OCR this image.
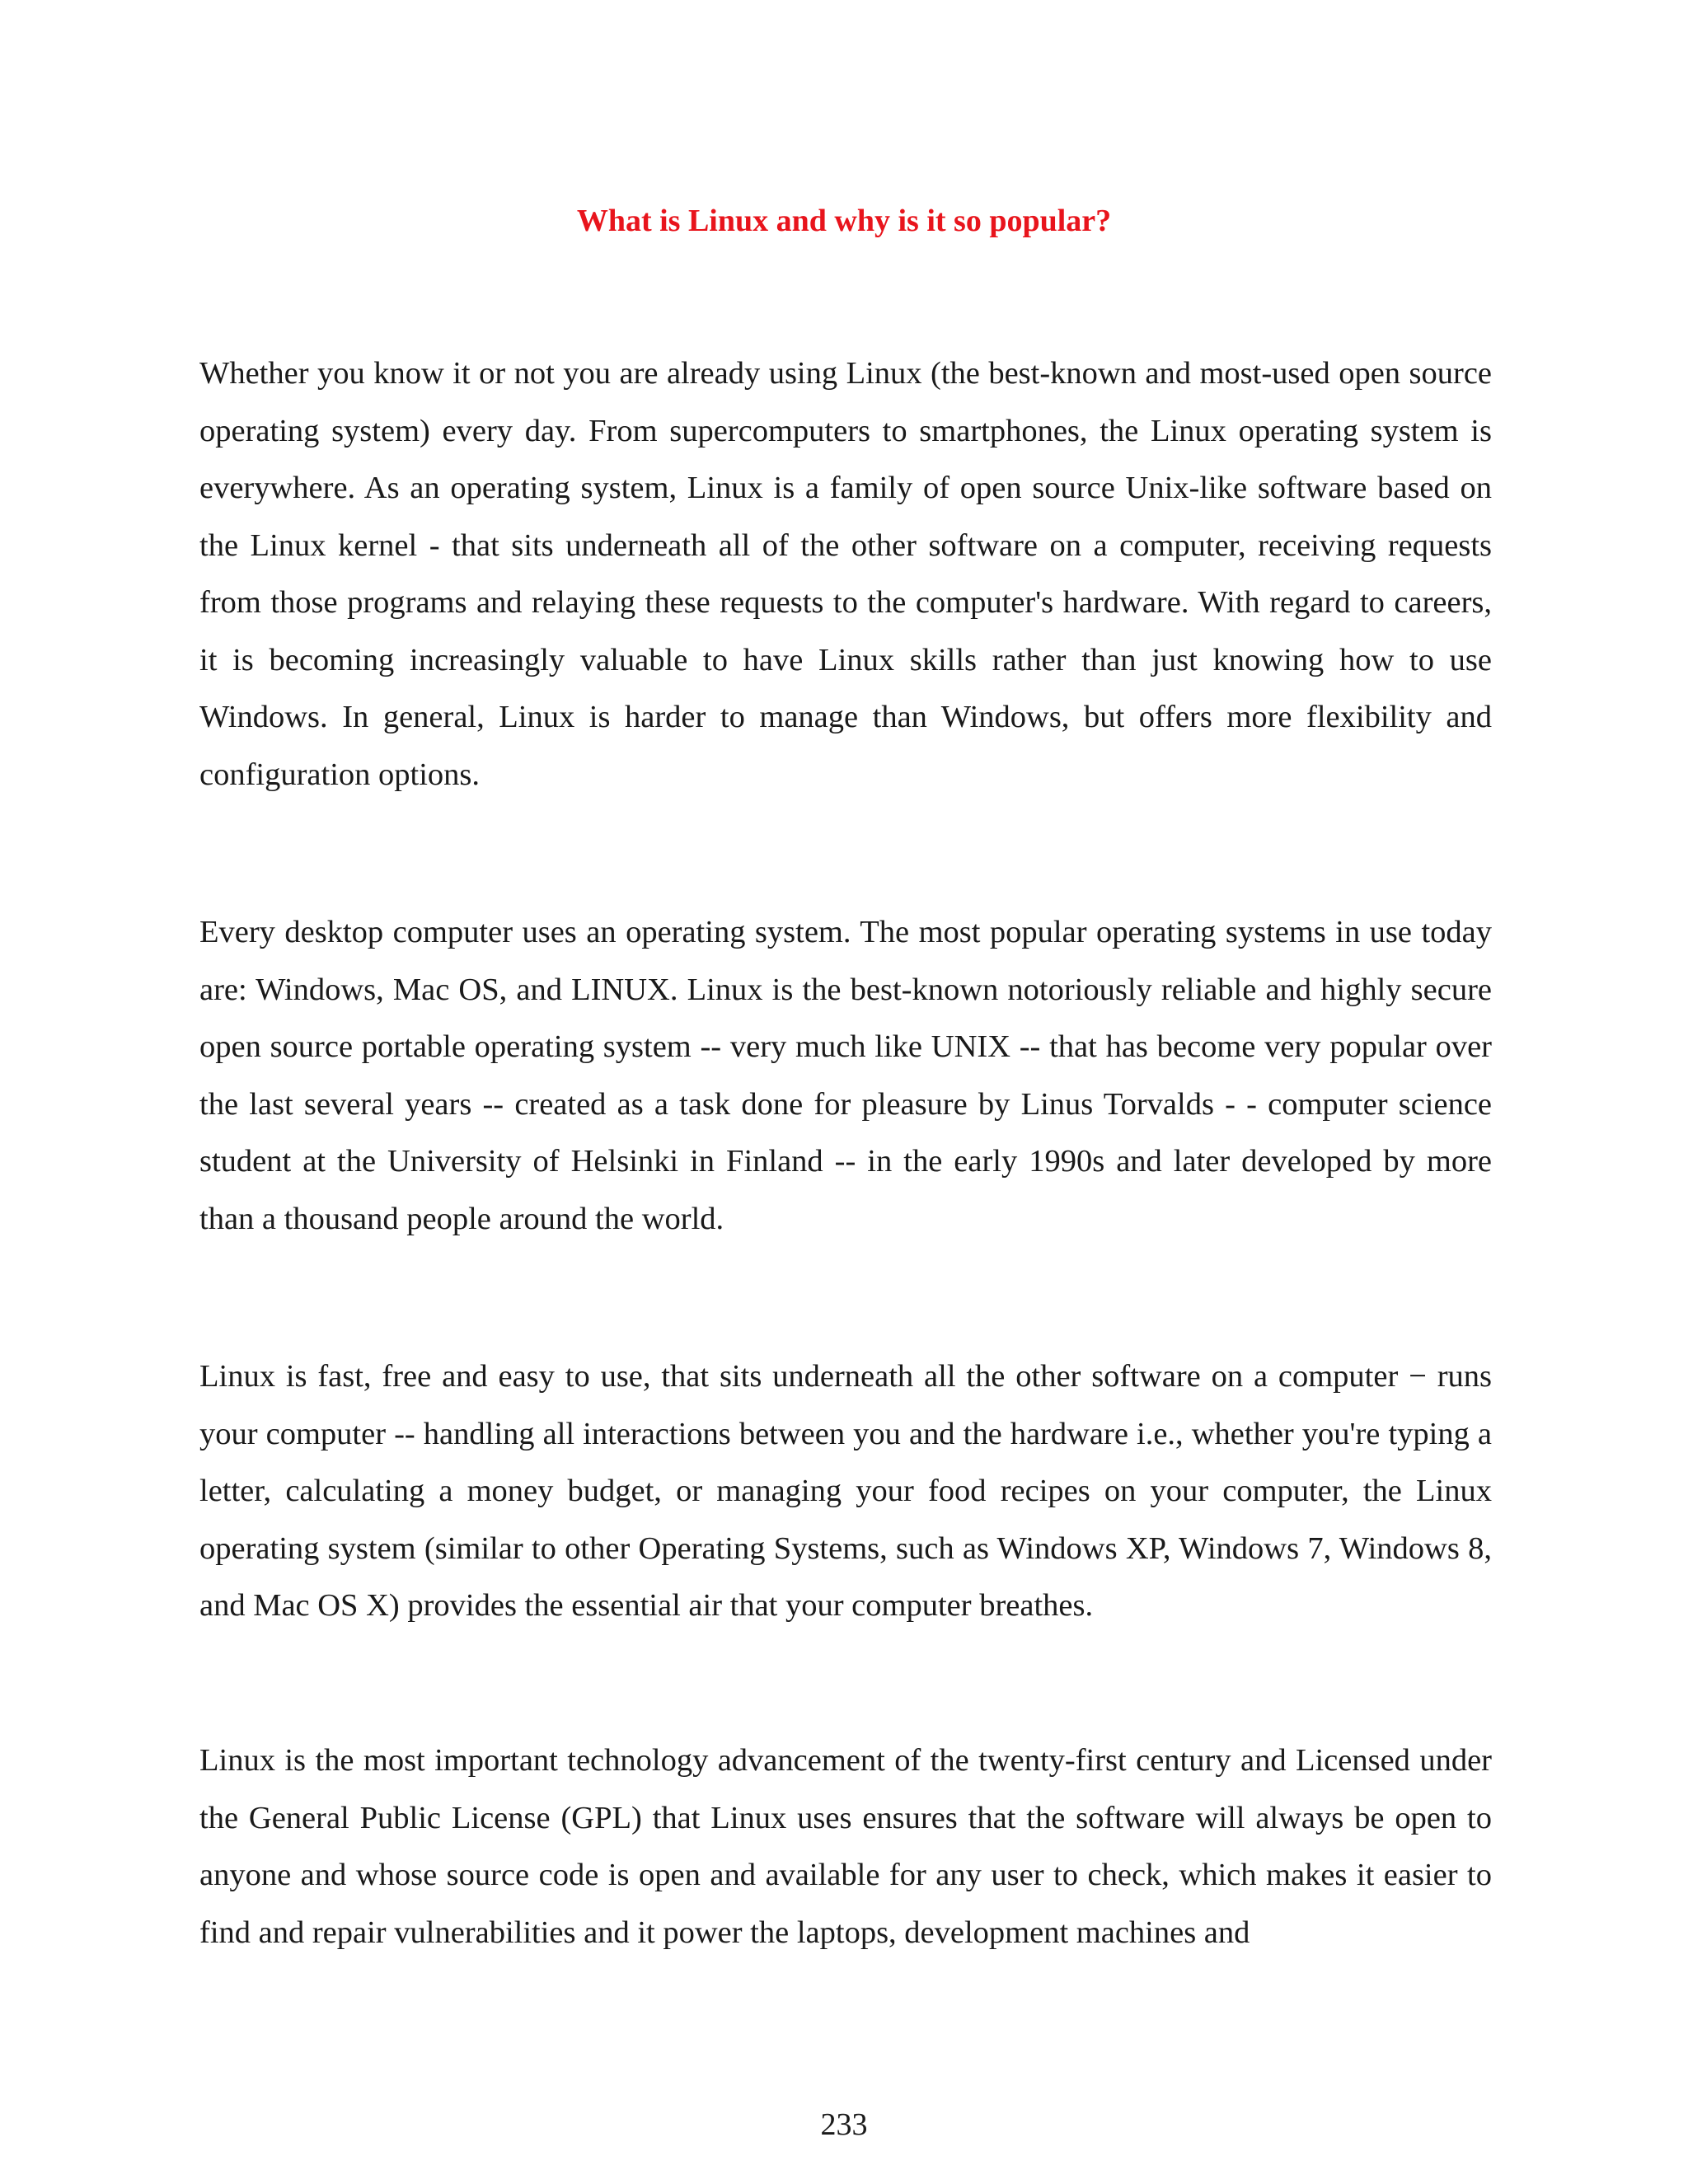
What is Linux and why is it so popular?

Whether you know it or not you are already using Linux (the best-known and most-used open source operating system) every day. From supercomputers to smartphones, the Linux operating system is everywhere. As an operating system, Linux is a family of open source Unix-like software based on the Linux kernel - that sits underneath all of the other software on a computer, receiving requests from those programs and relaying these requests to the computer's hardware. With regard to careers, it is becoming increasingly valuable to have Linux skills rather than just knowing how to use Windows. In general, Linux is harder to manage than Windows, but offers more flexibility and configuration options.

Every desktop computer uses an operating system. The most popular operating systems in use today are: Windows, Mac OS, and LINUX. Linux is the best-known notoriously reliable and highly secure open source portable operating system -- very much like UNIX -- that has become very popular over the last several years -- created as a task done for pleasure by Linus Torvalds - - computer science student at the University of Helsinki in Finland -- in the early 1990s and later developed by more than a thousand people around the world.

Linux is fast, free and easy to use, that sits underneath all the other software on a computer − runs your computer -- handling all interactions between you and the hardware i.e., whether you're typing a letter, calculating a money budget, or managing your food recipes on your computer, the Linux operating system (similar to other Operating Systems, such as Windows XP, Windows 7, Windows 8, and Mac OS X) provides the essential air that your computer breathes.

Linux is the most important technology advancement of the twenty-first century and Licensed under the General Public License (GPL) that Linux uses ensures that the software will always be open to anyone and whose source code is open and available for any user to check, which makes it easier to find and repair vulnerabilities and it power the laptops, development machines and

233
